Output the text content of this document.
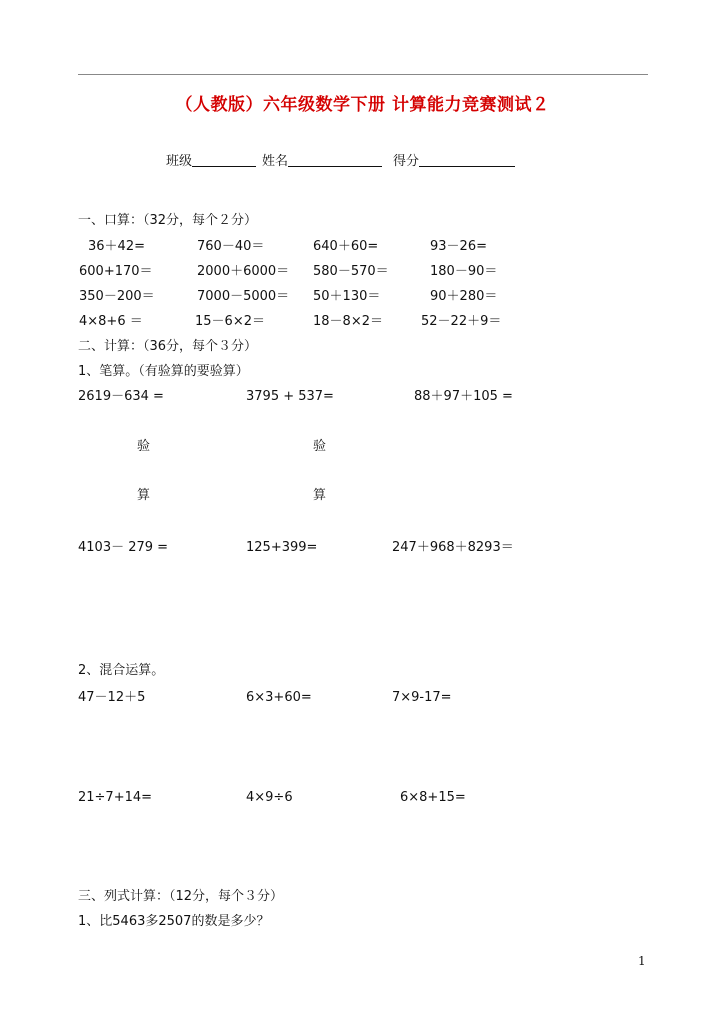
（人教版）六年级数学下册 计算能力竞赛测试２
班级	姓名	得分
一、口算：（32分，每个２分）
36＋42=	760－40＝	640＋60=	93－26=
600+170＝	2000＋6000＝ 580－570＝	180－90＝
350－200＝	7000－5000＝ 50＋130＝	90＋280＝
4×8+6 ＝	15－6×2＝	18－8×2＝	52－22＋9＝
二、计算：（36分，每个３分）
1、笔算。（有验算的要验算）
2619－634 =	3795 + 537=	88＋97＋105 =
验	验
算	算
4103－ 279 =	125+399=	247＋968＋8293＝
2、混合运算。
47－12＋5	6×3+60=	7×9-17=
21÷7+14=	4×9÷6	6×8+15=
三、列式计算：（12分，每个３分）
1、比5463多2507的数是多少？
1
